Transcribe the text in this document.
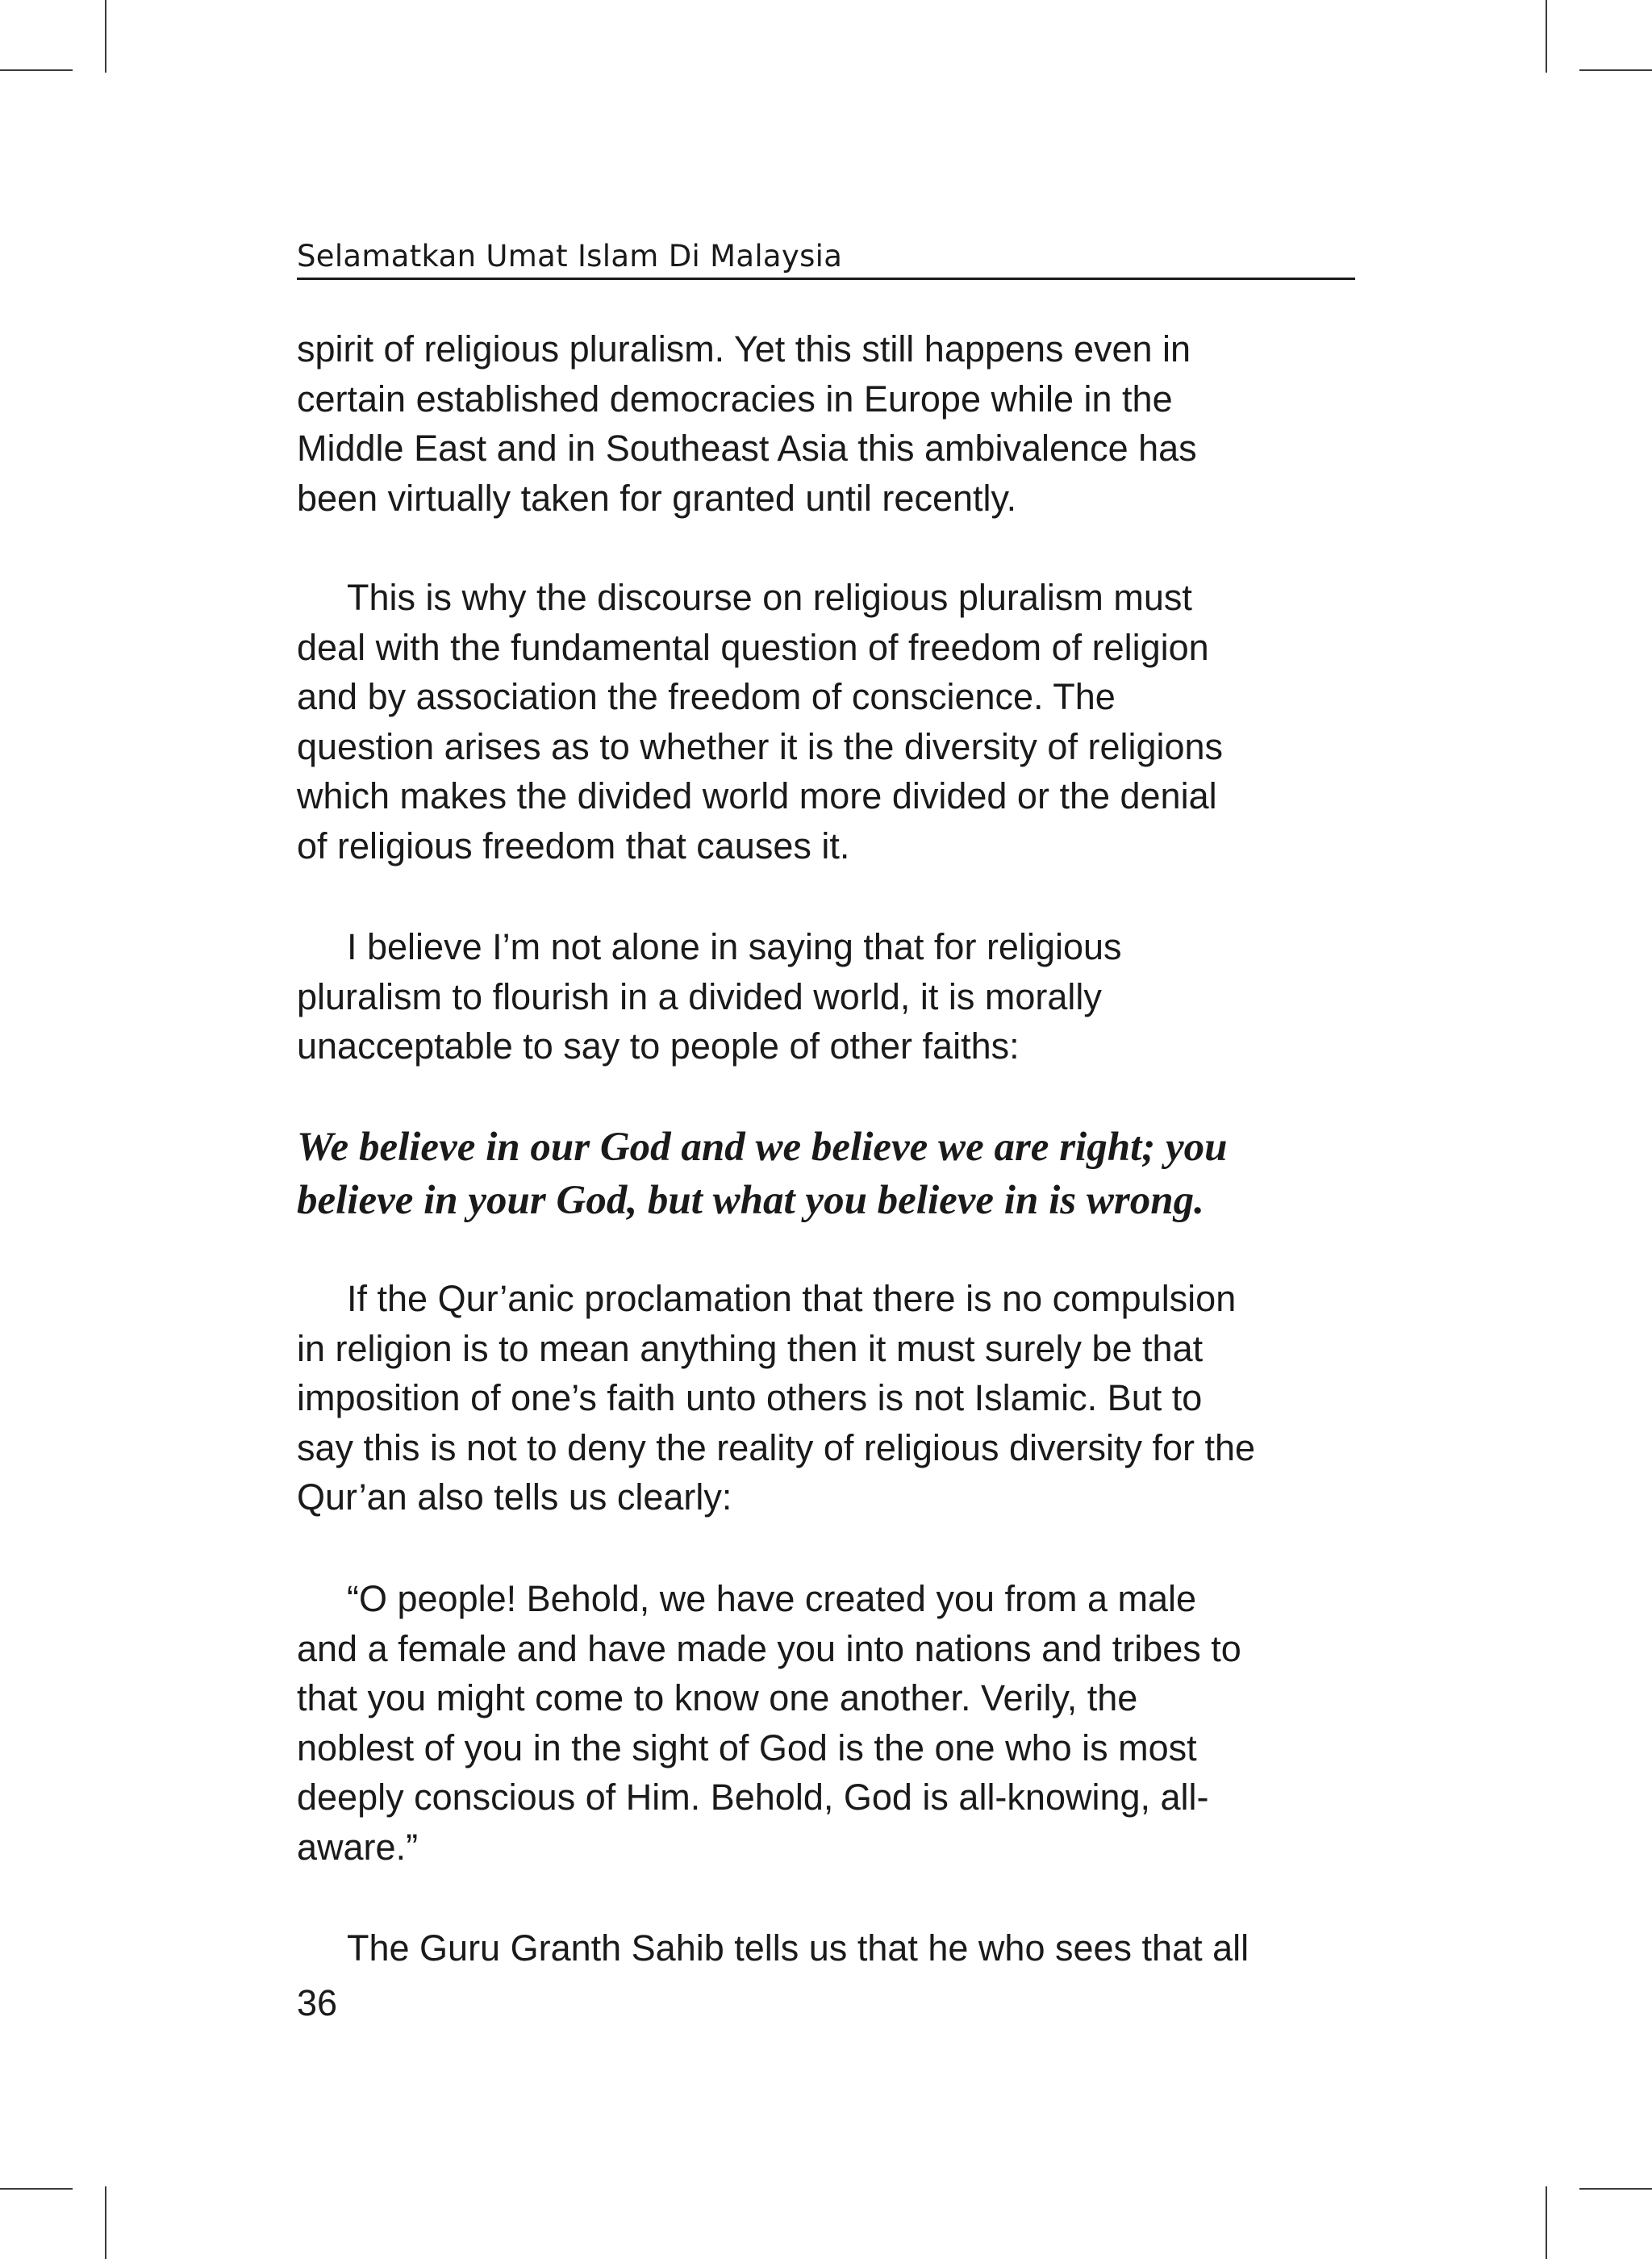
Selamatkan Umat Islam Di Malaysia

spirit of religious pluralism. Yet this still happens even in
certain established democracies in Europe while in the
Middle East and in Southeast Asia this ambivalence has
been virtually taken for granted until recently.

This is why the discourse on religious pluralism must
deal with the fundamental question of freedom of religion
and by association the freedom of conscience. The
question arises as to whether it is the diversity of religions
which makes the divided world more divided or the denial
of religious freedom that causes it.

I believe I’m not alone in saying that for religious
pluralism to flourish in a divided world, it is morally
unacceptable to say to people of other faiths:

We believe in our God and we believe we are right; you
believe in your God, but what you believe in is wrong.

If the Qur’anic proclamation that there is no compulsion
in religion is to mean anything then it must surely be that
imposition of one’s faith unto others is not Islamic. But to
say this is not to deny the reality of religious diversity for the
Qur’an also tells us clearly:

“O people! Behold, we have created you from a male
and a female and have made you into nations and tribes to
that you might come to know one another. Verily, the
noblest of you in the sight of God is the one who is most
deeply conscious of Him. Behold, God is all-knowing, all-
aware.”

The Guru Granth Sahib tells us that he who sees that all

36
